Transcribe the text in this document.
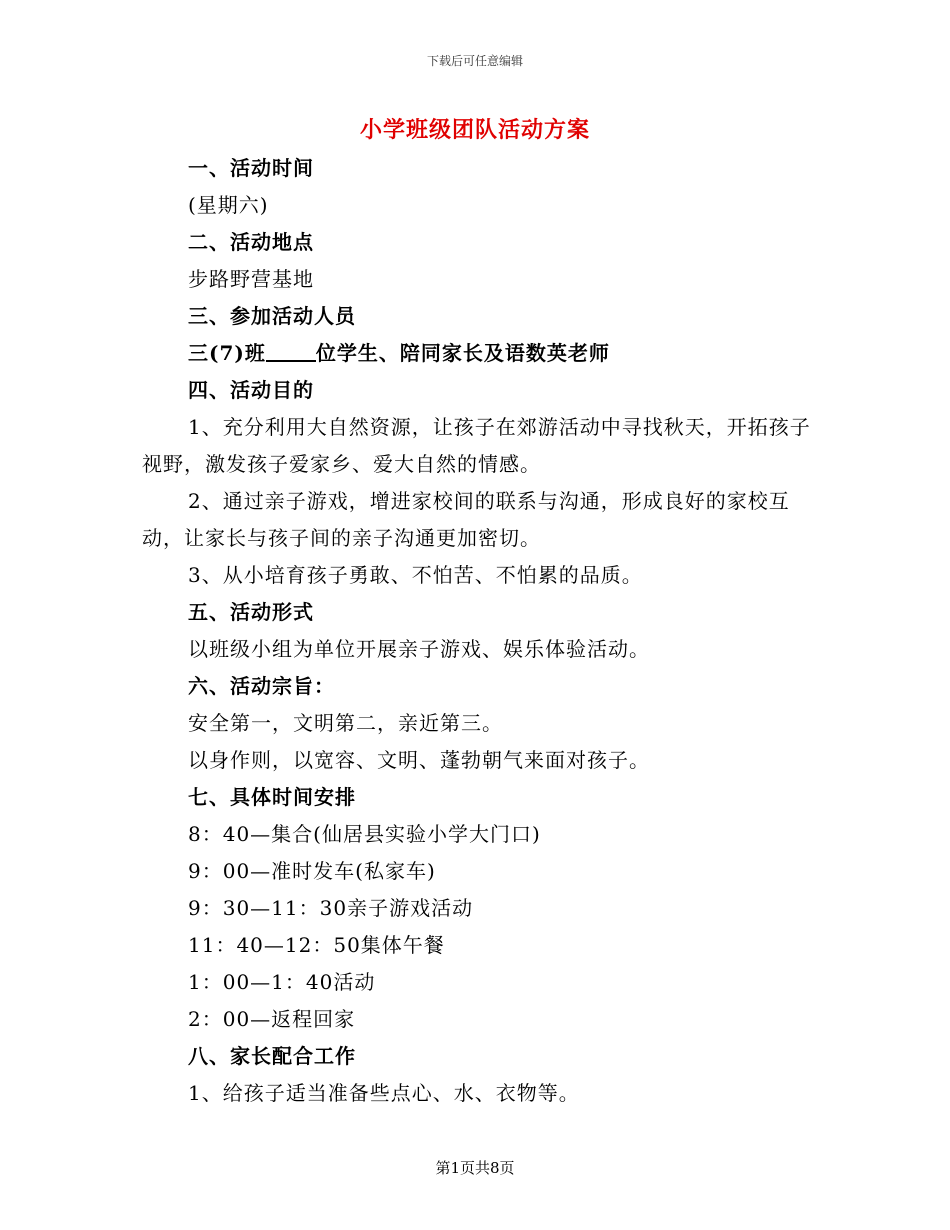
下载后可任意编辑
小学班级团队活动方案
一、活动时间
(星期六)
二、活动地点
步路野营基地
三、参加活动人员
三(7)班	位学生、陪同家长及语数英老师
四、活动目的

1、充分利用大自然资源，让孩子在郊游活动中寻找秋天，开拓孩子视野，激发孩子爱家乡、爱大自然的情感。

2、通过亲子游戏，增进家校间的联系与沟通，形成良好的家校互动，让家长与孩子间的亲子沟通更加密切。

3、从小培育孩子勇敢、不怕苦、不怕累的品质。

五、活动形式
以班级小组为单位开展亲子游戏、娱乐体验活动。
六、活动宗旨：
安全第一，文明第二，亲近第三。
以身作则，以宽容、文明、蓬勃朝气来面对孩子。
七、具体时间安排
8：40—集合(仙居县实验小学大门口)
9：00—准时发车(私家车)
9：30—11：30亲子游戏活动
11：40—12：50集体午餐
1：00—1：40活动
2：00—返程回家
八、家长配合工作
1、给孩子适当准备些点心、水、衣物等。
第1页共8页
